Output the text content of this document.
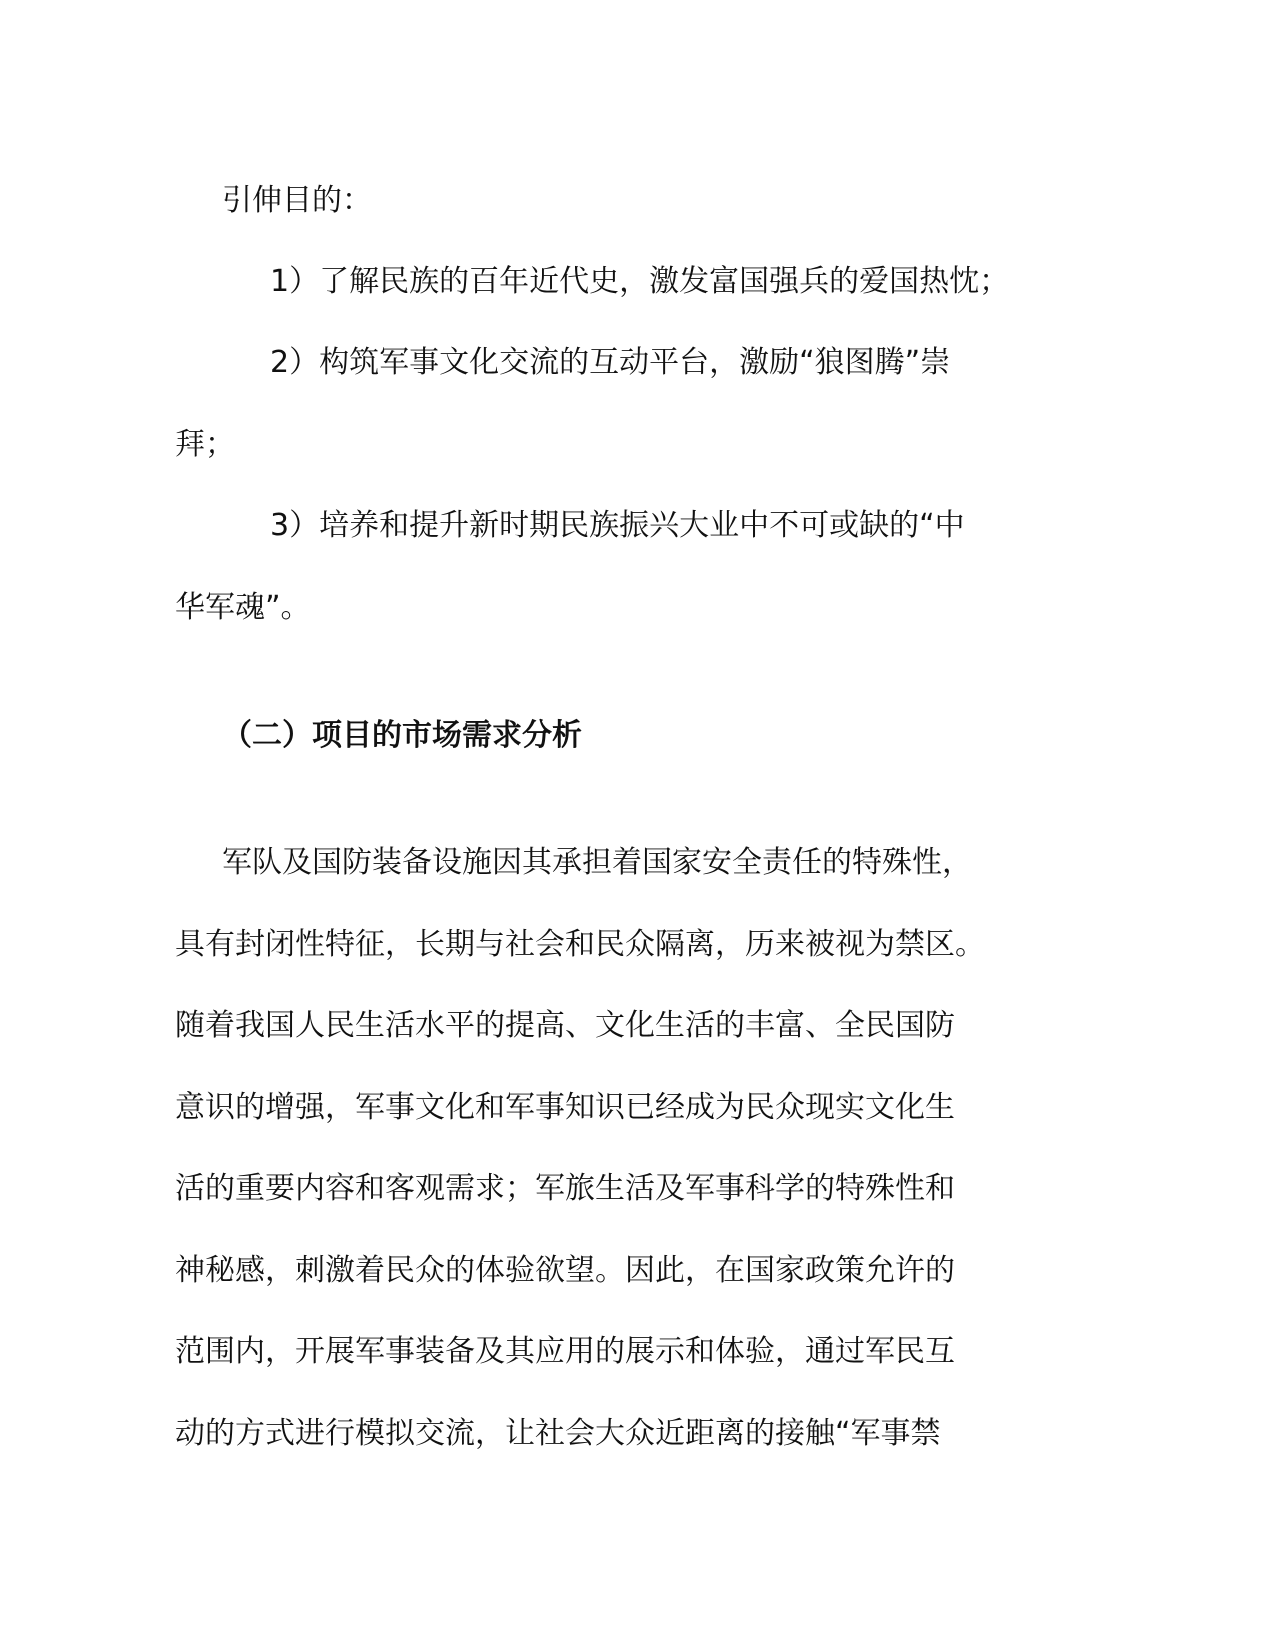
引伸目的：
1）了解民族的百年近代史，激发富国强兵的爱国热忱；
2）构筑军事文化交流的互动平台，激励“狼图腾”崇
拜；
3）培养和提升新时期民族振兴大业中不可或缺的“中
华军魂”。
（二）项目的市场需求分析
军队及国防装备设施因其承担着国家安全责任的特殊性，
具有封闭性特征，长期与社会和民众隔离，历来被视为禁区。
随着我国人民生活水平的提高、文化生活的丰富、全民国防
意识的增强，军事文化和军事知识已经成为民众现实文化生
活的重要内容和客观需求；军旅生活及军事科学的特殊性和
神秘感，刺激着民众的体验欲望。因此，在国家政策允许的
范围内，开展军事装备及其应用的展示和体验，通过军民互
动的方式进行模拟交流，让社会大众近距离的接触“军事禁
